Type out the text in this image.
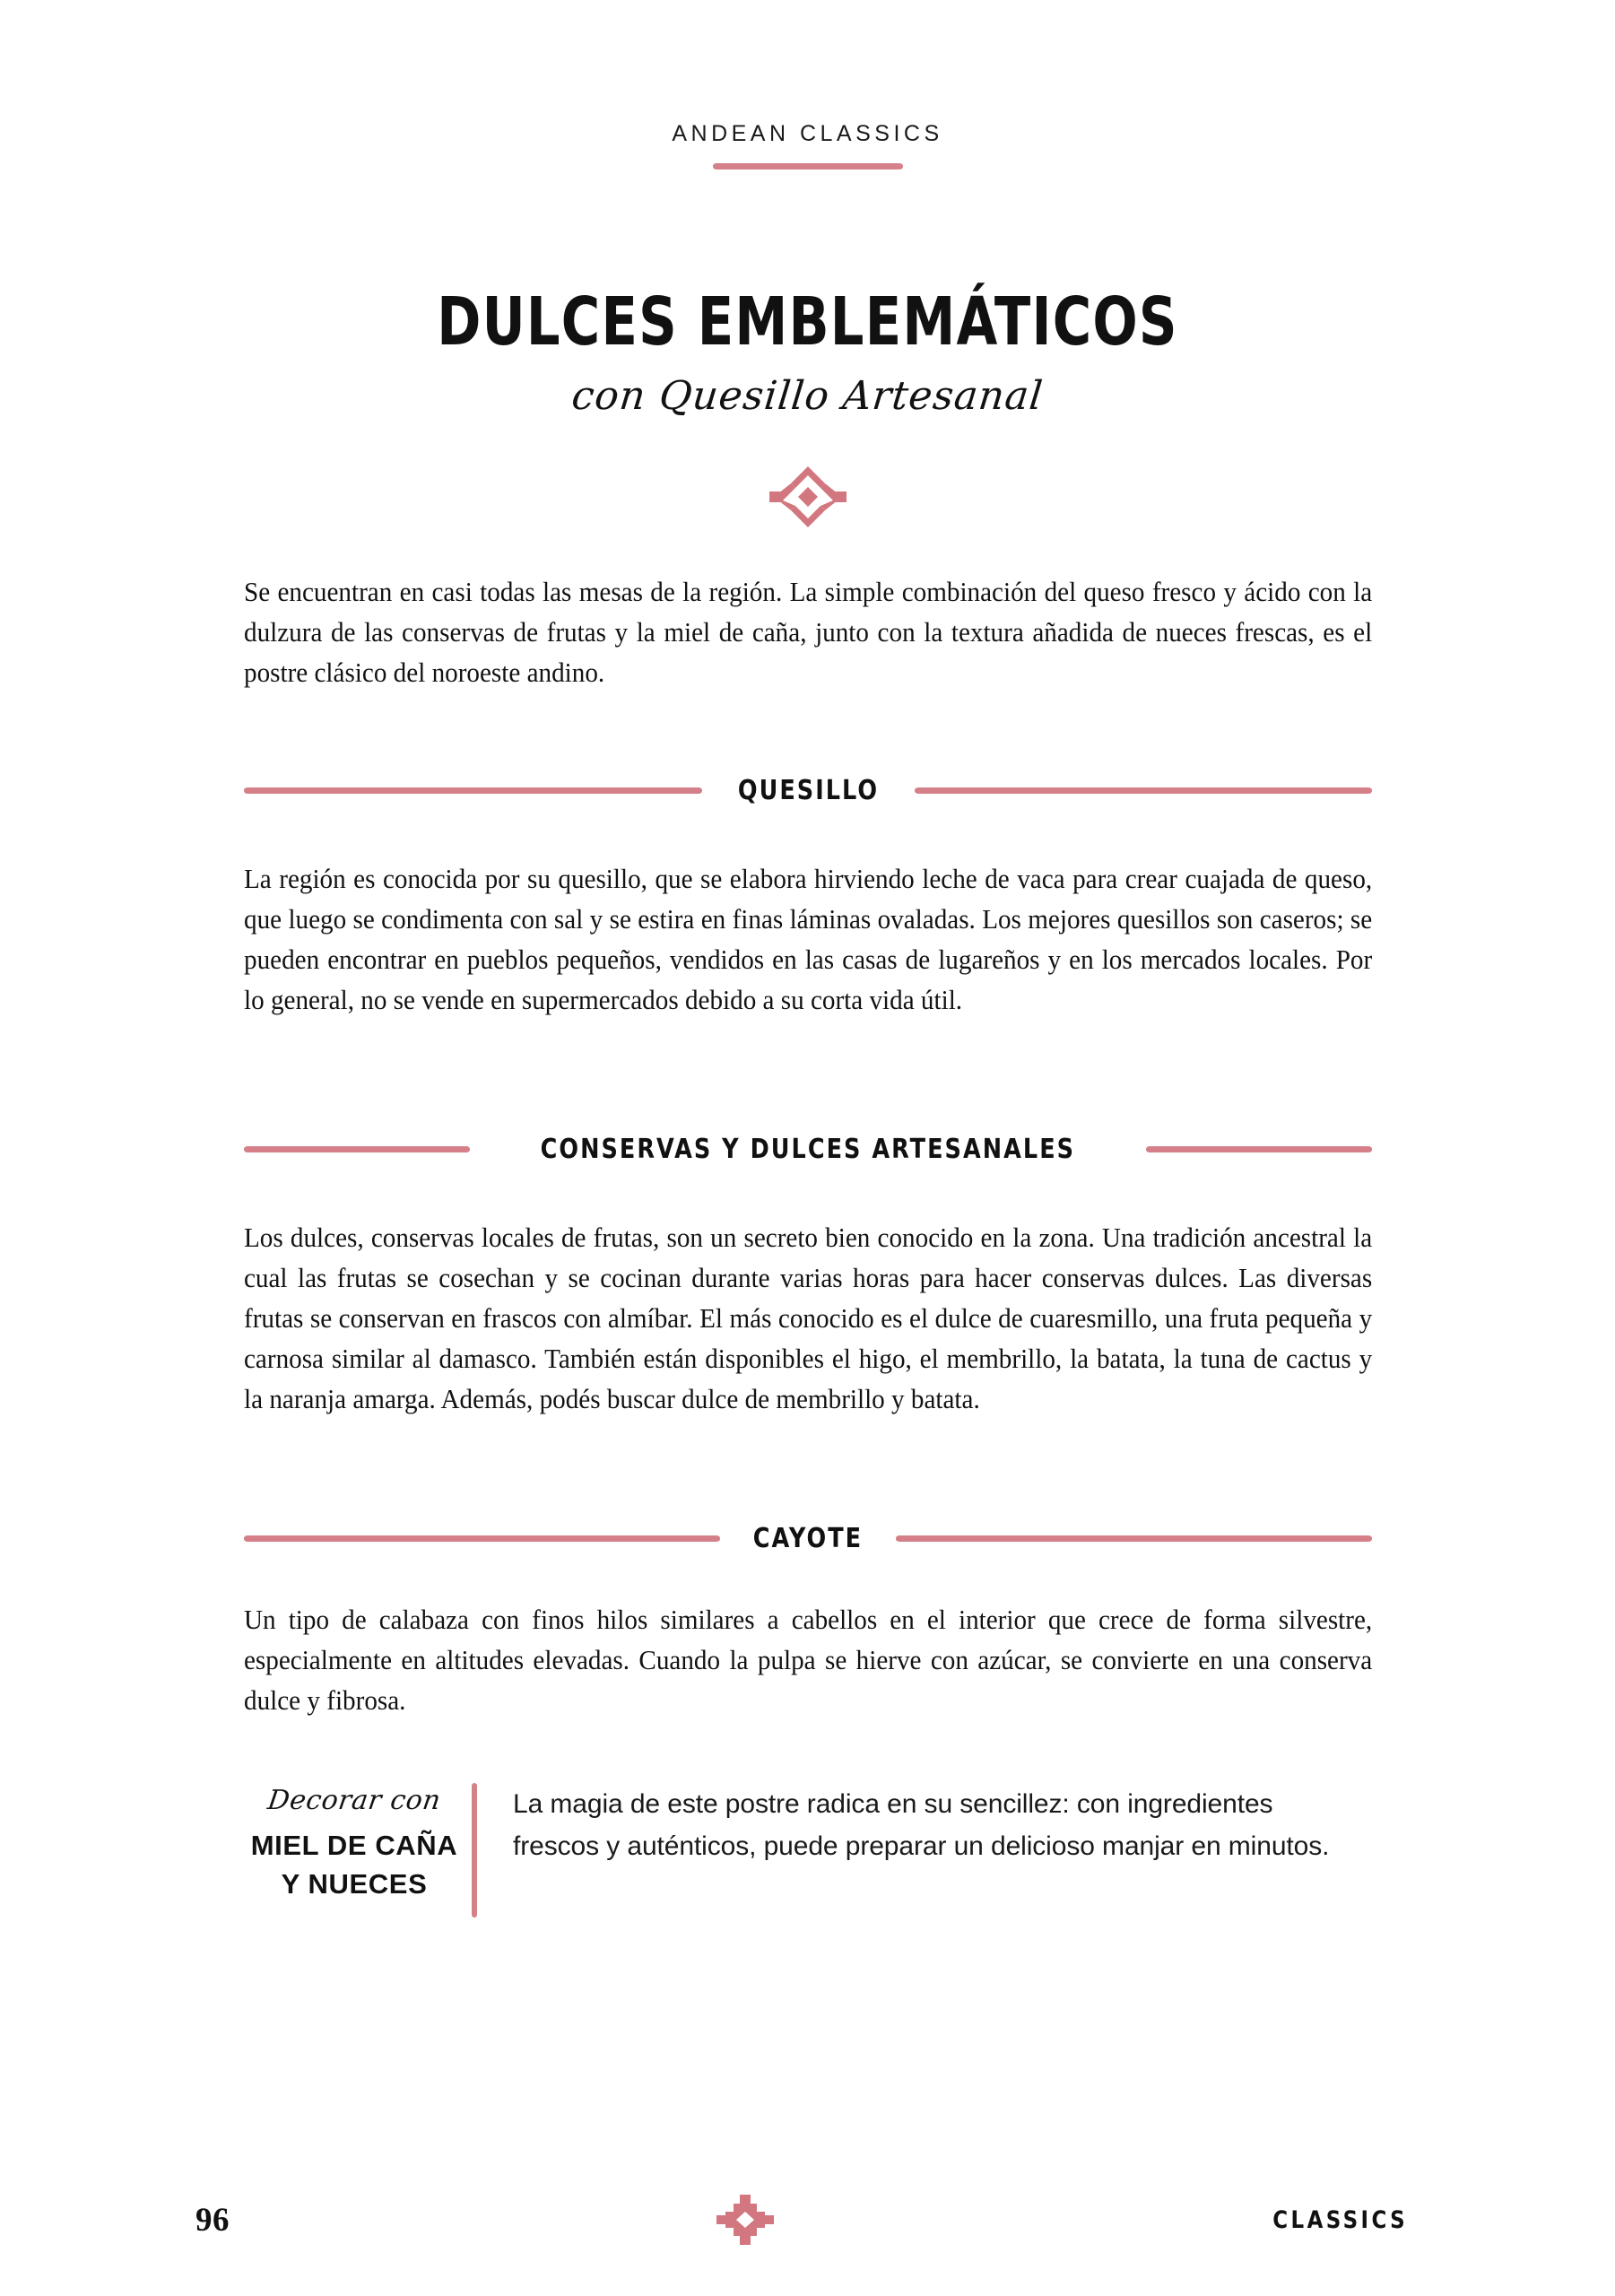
ANDEAN CLASSICS
DULCES EMBLEMÁTICOS
con Quesillo Artesanal

Se encuentran en casi todas las mesas de la región. La simple combinación del queso fresco y ácido con la dulzura de las conservas de frutas y la miel de caña, junto con la textura añadida de nueces frescas, es el postre clásico del noroeste andino.

QUESILLO

La región es conocida por su quesillo, que se elabora hirviendo leche de vaca para crear cuajada de queso, que luego se condimenta con sal y se estira en finas láminas ovaladas. Los mejores quesillos son caseros; se pueden encontrar en pueblos pequeños, vendidos en las casas de lugareños y en los mercados locales. Por lo general, no se vende en supermercados debido a su corta vida útil.

CONSERVAS Y DULCES ARTESANALES

Los dulces, conservas locales de frutas, son un secreto bien conocido en la zona. Una tradición ancestral la cual las frutas se cosechan y se cocinan durante varias horas para hacer conservas dulces. Las diversas frutas se conservan en frascos con almíbar. El más conocido es el dulce de cuaresmillo, una fruta pequeña y carnosa similar al damasco. También están disponibles el higo, el membrillo, la batata, la tuna de cactus y la naranja amarga. Además, podés buscar dulce de membrillo y batata.

CAYOTE

Un tipo de calabaza con finos hilos similares a cabellos en el interior que crece de forma silvestre, especialmente en altitudes elevadas. Cuando la pulpa se hierve con azúcar, se convierte en una conserva dulce y fibrosa.

Decorar con
MIEL DE CAÑA
Y NUECES

La magia de este postre radica en su sencillez: con ingredientes frescos y auténticos, puede preparar un delicioso manjar en minutos.

96	CLASSICS
